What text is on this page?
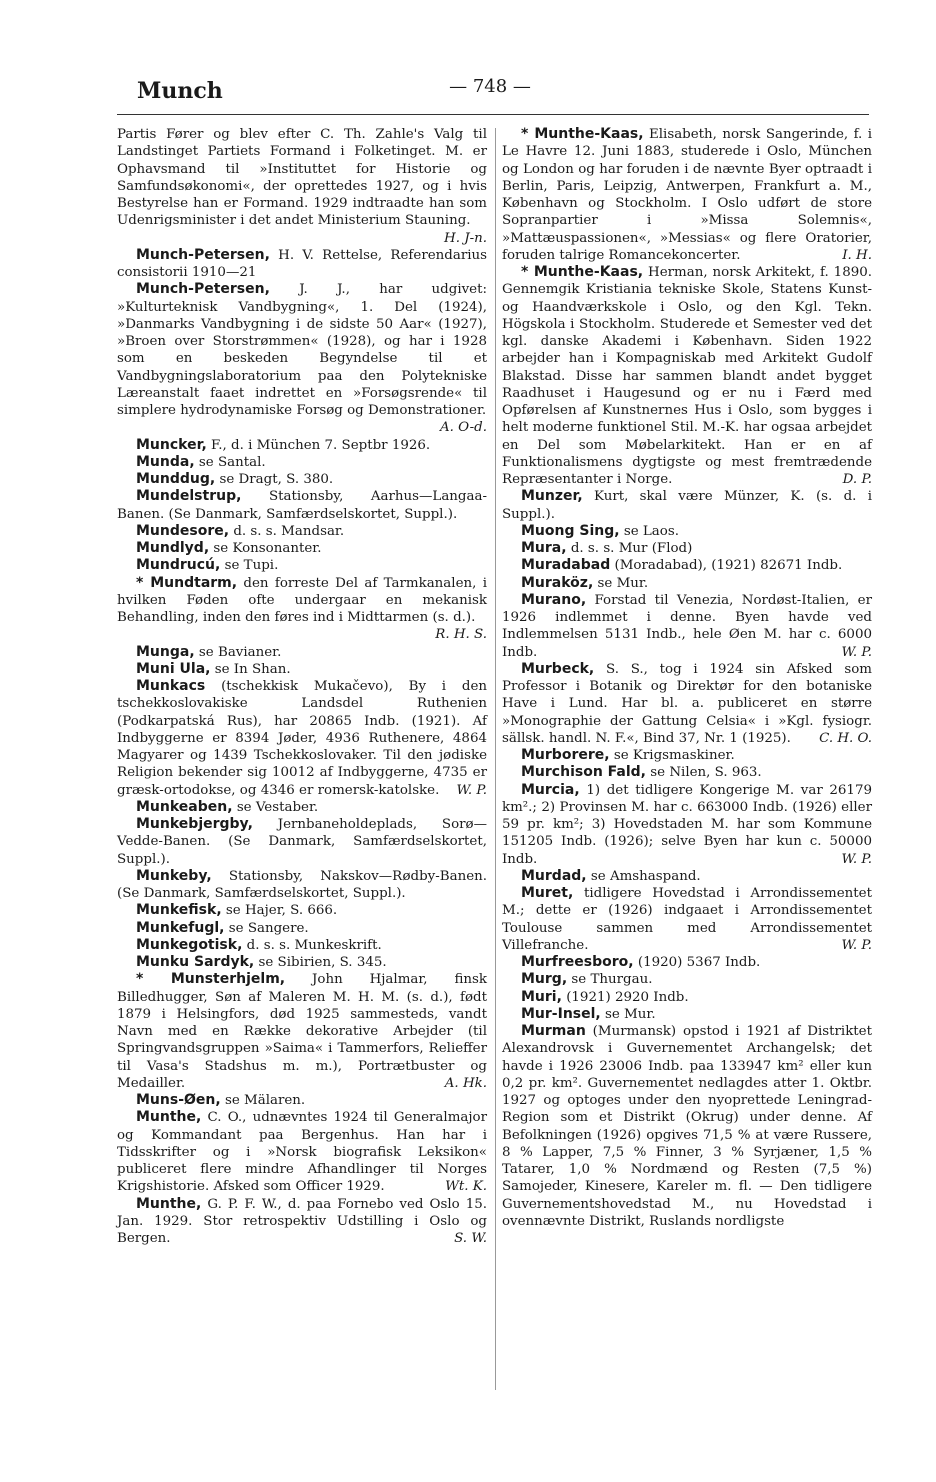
Munch	— 748 —

Partis Fører og blev efter C. Th. Zahle's Valg til Landstinget Partiets Formand i Folketinget. M. er Ophavsmand til »Instituttet for Historie og Samfundsøkonomi«, der oprettedes 1927, og i hvis Bestyrelse han er Formand. 1929 indtraadte han som Udenrigsminister i det andet Ministerium Stauning.
H. J-n.

Munch-Petersen, H. V. Rettelse, Referendarius consistorii 1910—21

Munch-Petersen, J. J., har udgivet: »Kulturteknisk Vandbygning«, 1. Del (1924), »Danmarks Vandbygning i de sidste 50 Aar« (1927), »Broen over Storstrømmen« (1928), og har i 1928 som en beskeden Begyndelse til et Vandbygningslaboratorium paa den Polytekniske Læreanstalt faaet indrettet en »Forsøgsrende« til simplere hydrodynamiske Forsøg og Demonstrationer.
A. O-d.

Muncker, F., d. i München 7. Septbr 1926.

Munda, se Santal.

Munddug, se Dragt, S. 380.

Mundelstrup, Stationsby, Aarhus—Langaa-Banen. (Se Danmark, Samfærdselskortet, Suppl.).

Mundesore, d. s. s. Mandsar.

Mundlyd, se Konsonanter.

Mundrucú, se Tupi.

* Mundtarm, den forreste Del af Tarmkanalen, i hvilken Føden ofte undergaar en mekanisk Behandling, inden den føres ind i Midttarmen (s. d.).
R. H. S.

Munga, se Bavianer.

Muni Ula, se In Shan.

Munkacs (tschekkisk Mukačevo), By i den tschekkoslovakiske Landsdel Ruthenien (Podkarpatská Rus), har 20865 Indb. (1921). Af Indbyggerne er 8394 Jøder, 4936 Ruthenere, 4864 Magyarer og 1439 Tschekkoslovaker. Til den jødiske Religion bekender sig 10012 af Indbyggerne, 4735 er græsk-ortodokse, og 4346 er romersk-katolske.	W. P.

Munkeaben, se Vestaber.

Munkebjergby, Jernbaneholdeplads, Sorø—Vedde-Banen. (Se Danmark, Samfærdselskortet, Suppl.).

Munkeby, Stationsby, Nakskov—Rødby-Banen. (Se Danmark, Samfærdselskortet, Suppl.).

Munkefisk, se Hajer, S. 666.

Munkefugl, se Sangere.

Munkegotisk, d. s. s. Munkeskrift.

Munku Sardyk, se Sibirien, S. 345.

* Munsterhjelm, John Hjalmar, finsk Billedhugger, Søn af Maleren M. H. M. (s. d.), født 1879 i Helsingfors, død 1925 sammesteds, vandt Navn med en Række dekorative Arbejder (til Springvandsgruppen »Saima« i Tammerfors, Relieffer til Vasa's Stadshus m. m.), Portrætbuster og Medailler.	A. Hk.

Muns-Øen, se Mälaren.

Munthe, C. O., udnævntes 1924 til Generalmajor og Kommandant paa Bergenhus. Han har i Tidsskrifter og i »Norsk biografisk Leksikon« publiceret flere mindre Afhandlinger til Norges Krigshistorie. Afsked som Officer 1929.	Wt. K.

Munthe, G. P. F. W., d. paa Fornebo ved Oslo 15. Jan. 1929. Stor retrospektiv Udstilling i Oslo og Bergen.	S. W.

* Munthe-Kaas, Elisabeth, norsk Sangerinde, f. i Le Havre 12. Juni 1883, studerede i Oslo, München og London og har foruden i de nævnte Byer optraadt i Berlin, Paris, Leipzig, Antwerpen, Frankfurt a. M., København og Stockholm. I Oslo udført de store Sopranpartier i »Missa Solemnis«, »Mattæuspassionen«, »Messias« og flere Oratorier, foruden talrige Romancekoncerter.	I. H.

* Munthe-Kaas, Herman, norsk Arkitekt, f. 1890. Gennemgik Kristiania tekniske Skole, Statens Kunst- og Haandværkskole i Oslo, og den Kgl. Tekn. Högskola i Stockholm. Studerede et Semester ved det kgl. danske Akademi i København. Siden 1922 arbejder han i Kompagniskab med Arkitekt Gudolf Blakstad. Disse har sammen blandt andet bygget Raadhuset i Haugesund og er nu i Færd med Opførelsen af Kunstnernes Hus i Oslo, som bygges i helt moderne funktionel Stil. M.-K. har ogsaa arbejdet en Del som Møbelarkitekt. Han er en af Funktionalismens dygtigste og mest fremtrædende Repræsentanter i Norge.	D. P.

Munzer, Kurt, skal være Münzer, K. (s. d. i Suppl.).

Muong Sing, se Laos.

Mura, d. s. s. Mur (Flod)

Muradabad (Moradabad), (1921) 82671 Indb.

Muraköz, se Mur.

Murano, Forstad til Venezia, Nordøst-Italien, er 1926 indlemmet i denne. Byen havde ved Indlemmelsen 5131 Indb., hele Øen M. har c. 6000 Indb.	W. P.

Murbeck, S. S., tog i 1924 sin Afsked som Professor i Botanik og Direktør for den botaniske Have i Lund. Har bl. a. publiceret en større »Monographie der Gattung Celsia« i »Kgl. fysiogr. sällsk. handl. N. F.«, Bind 37, Nr. 1 (1925).	C. H. O.

Murborere, se Krigsmaskiner.

Murchison Fald, se Nilen, S. 963.

Murcia, 1) det tidligere Kongerige M. var 26179 km².; 2) Provinsen M. har c. 663000 Indb. (1926) eller 59 pr. km²; 3) Hovedstaden M. har som Kommune 151205 Indb. (1926); selve Byen har kun c. 50000 Indb.	W. P.

Murdad, se Amshaspand.

Muret, tidligere Hovedstad i Arrondissementet M.; dette er (1926) indgaaet i Arrondissementet Toulouse sammen med Arrondissementet Villefranche.	W. P.

Murfreesboro, (1920) 5367 Indb.

Murg, se Thurgau.

Muri, (1921) 2920 Indb.

Mur-Insel, se Mur.

Murman (Murmansk) opstod i 1921 af Distriktet Alexandrovsk i Guvernementet Archangelsk; det havde i 1926 23006 Indb. paa 133947 km² eller kun 0,2 pr. km². Guvernementet nedlagdes atter 1. Oktbr. 1927 og optoges under den nyoprettede Leningrad-Region som et Distrikt (Okrug) under denne. Af Befolkningen (1926) opgives 71,5 % at være Russere, 8 % Lapper, 7,5 % Finner, 3 % Syrjæner, 1,5 % Tatarer, 1,0 % Nordmænd og Resten (7,5 %) Samojeder, Kinesere, Kareler m. fl. — Den tidligere Guvernementshovedstad M., nu Hovedstad i ovennævnte Distrikt, Ruslands nordligste
